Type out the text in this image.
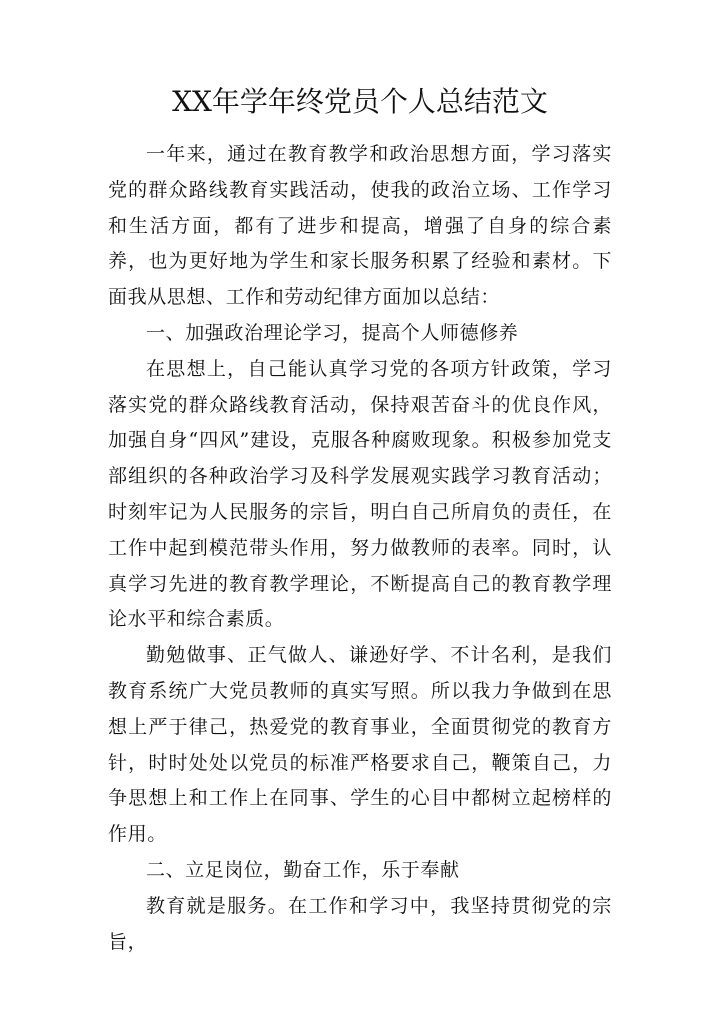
XX年学年终党员个人总结范文

一年来，通过在教育教学和政治思想方面，学习落实党的群众路线教育实践活动，使我的政治立场、工作学习和生活方面，都有了进步和提高，增强了自身的综合素养，也为更好地为学生和家长服务积累了经验和素材。下面我从思想、工作和劳动纪律方面加以总结：

一、加强政治理论学习，提高个人师德修养

在思想上，自己能认真学习党的各项方针政策，学习落实党的群众路线教育活动，保持艰苦奋斗的优良作风，加强自身“四风”建设，克服各种腐败现象。积极参加党支部组织的各种政治学习及科学发展观实践学习教育活动；时刻牢记为人民服务的宗旨，明白自己所肩负的责任，在工作中起到模范带头作用，努力做教师的表率。同时，认真学习先进的教育教学理论，不断提高自己的教育教学理论水平和综合素质。

勤勉做事、正气做人、谦逊好学、不计名利，是我们教育系统广大党员教师的真实写照。所以我力争做到在思想上严于律己，热爱党的教育事业，全面贯彻党的教育方针，时时处处以党员的标准严格要求自己，鞭策自己，力争思想上和工作上在同事、学生的心目中都树立起榜样的作用。

二、立足岗位，勤奋工作，乐于奉献

教育就是服务。在工作和学习中，我坚持贯彻党的宗旨，
